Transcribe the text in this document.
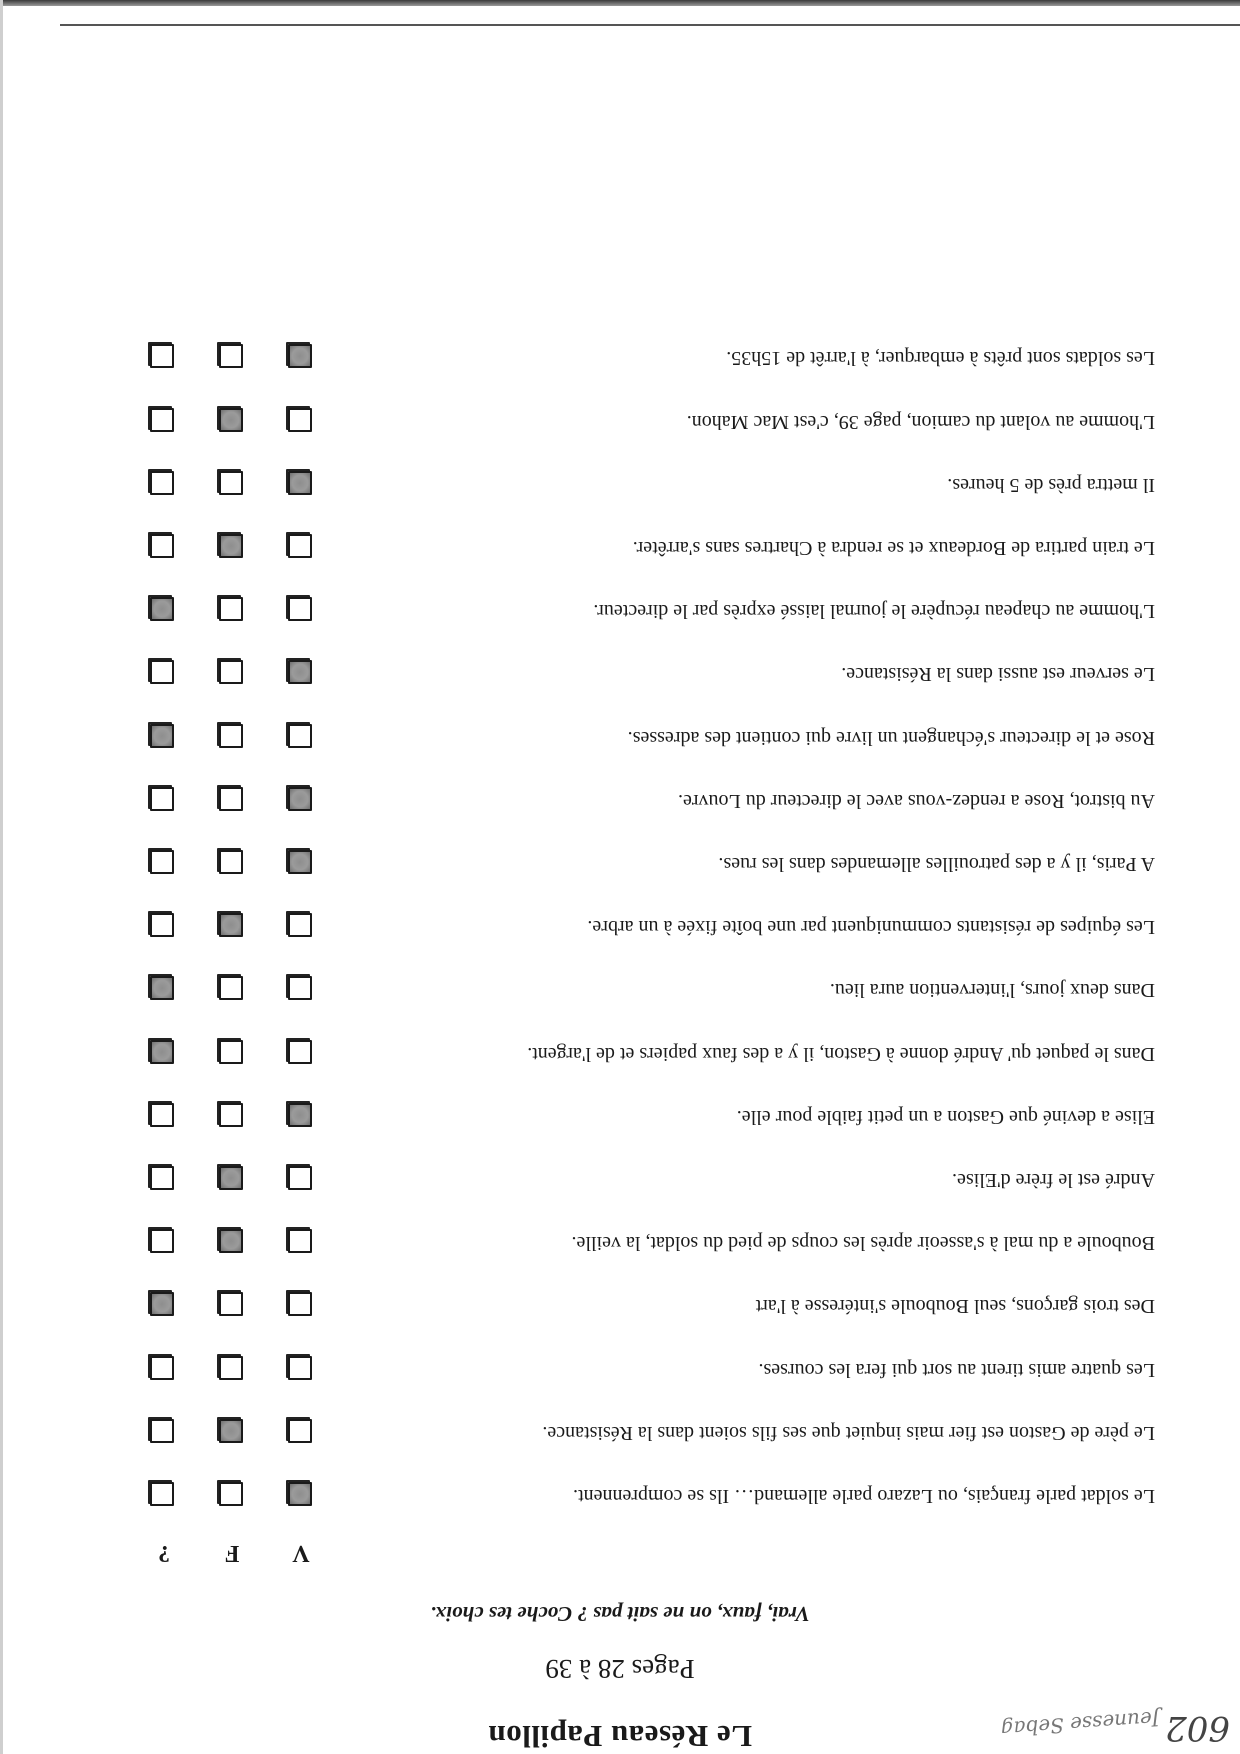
Jeunesse Sebag 602
Le Réseau Papillon
Pages 28 à 39
Vrai, faux, on ne sait pas ? Coche tes choix.
V
F
?
Le soldat parle français, ou Lazaro parle allemand… Ils se comprennent.
Le père de Gaston est fier mais inquiet que ses fils soient dans la Résistance.
Les quatre amis tirent au sort qui fera les courses.
Des trois garçons, seul Bouboule s'intéresse à l'art
Bouboule a du mal à s'asseoir après les coups de pied du soldat, la veille.
André est le frère d'Elise.
Elise a deviné que Gaston a un petit faible pour elle.
Dans le paquet qu' André donne à Gaston, il y a des faux papiers et de l'argent.
Dans deux jours, l'intervention aura lieu.
Les équipes de résistants communiquent par une boîte fixée à un arbre.
A Paris, il y a des patrouilles allemandes dans les rues.
Au bistrot, Rose a rendez-vous avec le directeur du Louvre.
Rose et le directeur s'échangent un livre qui contient des adresses.
Le serveur est aussi dans la Résistance.
L'homme au chapeau récupère le journal laissé exprès par le directeur.
Le train partira de Bordeaux et se rendra à Chartres sans s'arrêter.
Il mettra près de 5 heures.
L'homme au volant du camion, page 39, c'est Mac Mahon.
Les soldats sont prêts à embarquer, à l'arrêt de 15h35.
